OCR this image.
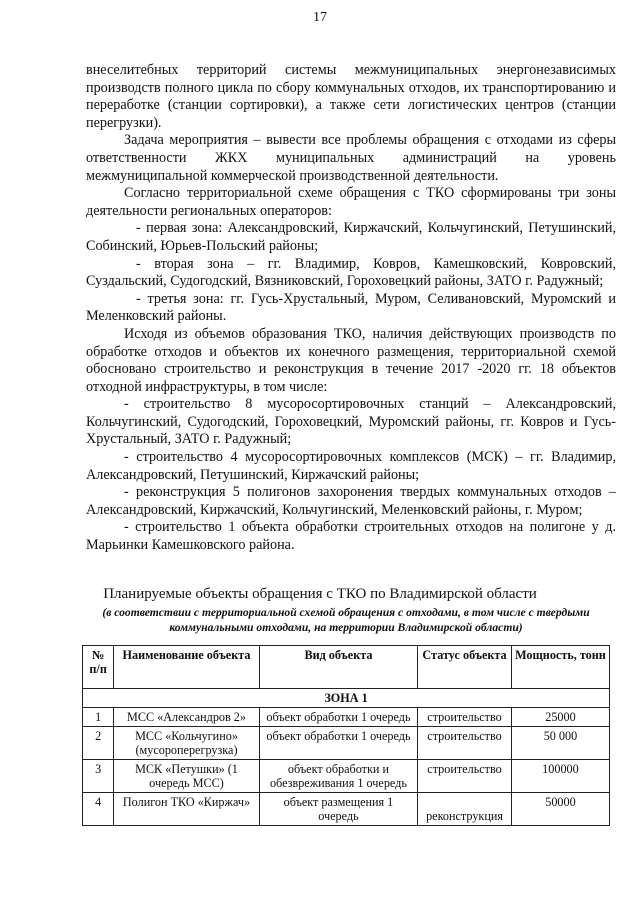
17

внеселитебных территорий системы межмуниципальных энергонезависимых производств полного цикла по сбору коммунальных отходов, их транспортированию и переработке (станции сортировки), а также сети логистических центров (станции перегрузки).

Задача мероприятия – вывести все проблемы обращения с отходами из сферы ответственности ЖКХ муниципальных администраций на уровень межмуниципальной коммерческой производственной деятельности.

Согласно территориальной схеме обращения с ТКО сформированы три зоны деятельности региональных операторов:

- первая зона: Александровский, Киржачский, Кольчугинский, Петушинский, Собинский, Юрьев-Польский районы;

- вторая зона – гг. Владимир, Ковров, Камешковский, Ковровский, Суздальский, Судогодский, Вязниковский, Гороховецкий районы, ЗАТО г. Радужный;

- третья зона: гг. Гусь-Хрустальный, Муром, Селивановский, Муромский и Меленковский районы.

Исходя из объемов образования ТКО, наличия действующих производств по обработке отходов и объектов их конечного размещения, территориальной схемой обосновано строительство и реконструкция в течение 2017 -2020 гг. 18 объектов отходной инфраструктуры, в том числе:

- строительство 8 мусоросортировочных станций – Александровский, Кольчугинский, Судогодский, Гороховецкий, Муромский районы, гг. Ковров и Гусь-Хрустальный, ЗАТО г. Радужный;

- строительство 4 мусоросортировочных комплексов (МСК) – гг. Владимир, Александровский, Петушинский, Киржачский районы;

- реконструкция 5 полигонов захоронения твердых коммунальных отходов – Александровский, Киржачский, Кольчугинский, Меленковский районы, г. Муром;

- строительство 1 объекта обработки строительных отходов на полигоне у д. Марьинки Камешковского района.

Планируемые объекты обращения с ТКО по Владимирской области
(в соответствии с территориальной схемой обращения с отходами, в том числе с твердыми коммунальными отходами, на территории Владимирской области)
№ п/п	Наименование объекта	Вид объекта	Статус объекта	Мощность, тонн
ЗОНА 1				
1	МСС «Александров 2»	объект обработки 1 очередь	строительство	25000
2	МСС «Кольчугино» (мусороперегрузка)	объект обработки 1 очередь	строительство	50 000
3	МСК «Петушки» (1 очередь МСС)	объект обработки и обезвреживания 1 очередь	строительство	100000
4	Полигон ТКО «Киржач»	объект размещения 1 очередь	реконструкция	50000
